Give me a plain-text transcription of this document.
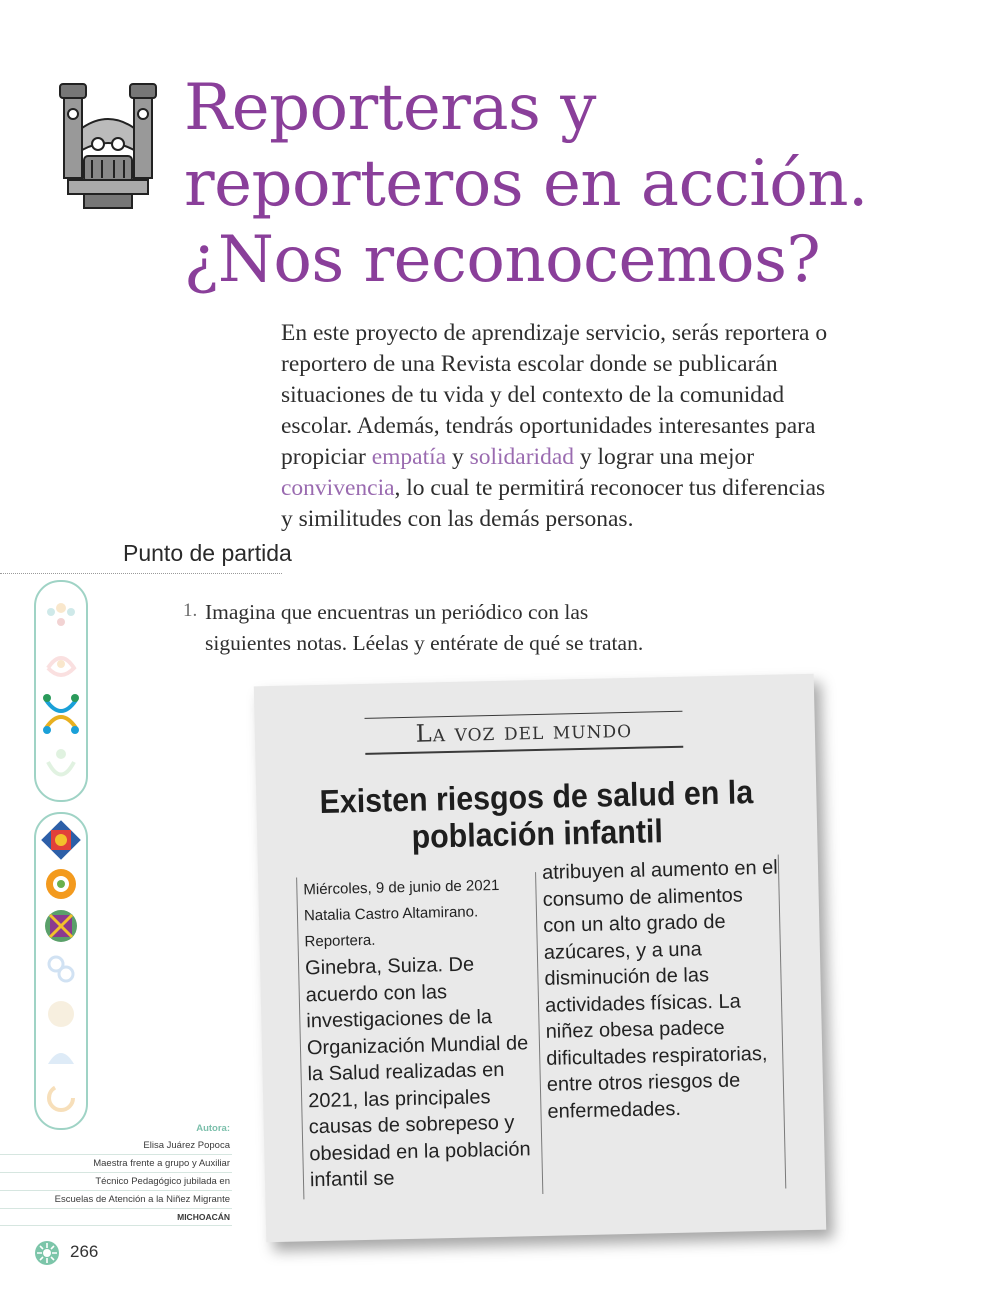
Reporteras y
reporteros en acción.
¿Nos reconocemos?

En este proyecto de aprendizaje servicio, serás reportera o reportero de una Revista escolar donde se publicarán situaciones de tu vida y del contexto de la comunidad escolar. Además, tendrás oportunidades interesantes para propiciar empatía y solidaridad y lograr una mejor convivencia, lo cual te permitirá reconocer tus diferencias y similitudes con las demás personas.

Punto de partida
1. Imagina que encuentras un periódico con las siguientes notas. Léelas y entérate de qué se tratan.

Autora:
Elisa Juárez Popoca
Maestra frente a grupo y Auxiliar
Técnico Pedagógico jubilada en
Escuelas de Atención a la Niñez Migrante
MICHOACÁN
266
La voz del mundo
Existen riesgos de salud en la población infantil
Miércoles, 9 de junio de 2021
Natalia Castro Altamirano.
Reportera.

Ginebra, Suiza. De acuerdo con las investigaciones de la Organización Mundial de la Salud realizadas en 2021, las principales causas de sobrepeso y obesidad en la población infantil se

atribuyen al aumento en el consumo de alimentos con un alto grado de azúcares, y a una disminución de las actividades físicas. La niñez obesa padece dificultades respiratorias, entre otros riesgos de enfermedades.
